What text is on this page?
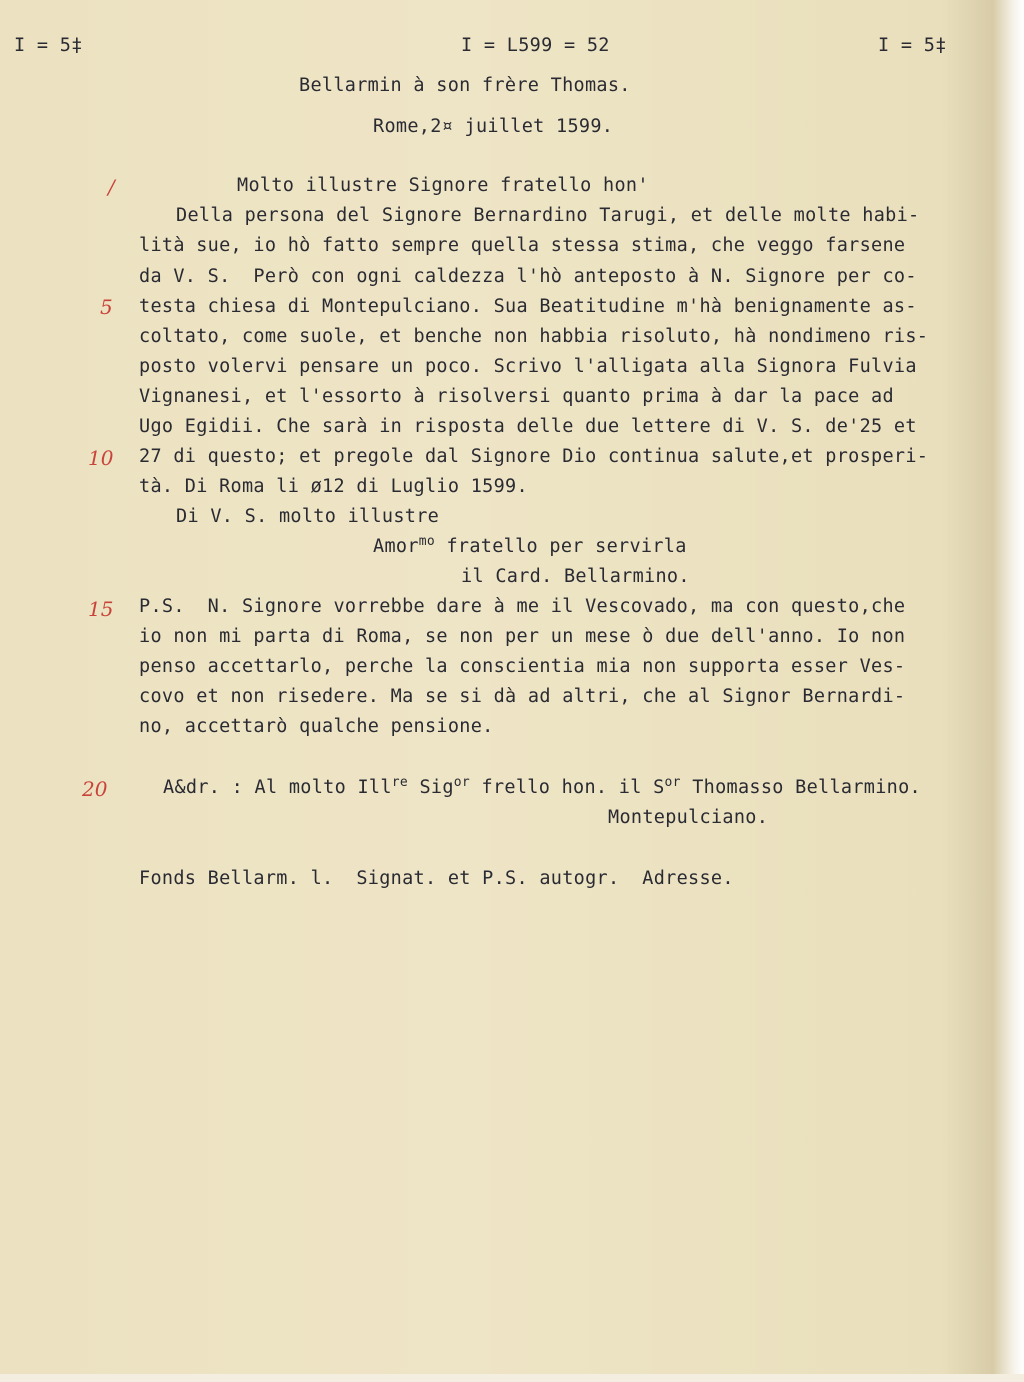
I = 5‡	I = L599 = 52	I = 5‡
Bellarmin à son frère Thomas.
Rome,2¤ juillet 1599.
/
5
10
15
20
Molto illustre Signore fratello hon'
Della persona del Signore Bernardino Tarugi, et delle molte habi-
lità sue, io hò fatto sempre quella stessa stima, che veggo farsene
da V. S.  Però con ogni caldezza l'hò anteposto à N. Signore per co-
testa chiesa di Montepulciano. Sua Beatitudine m'hà benignamente as-
coltato, come suole, et benche non habbia risoluto, hà nondimeno ris-
posto volervi pensare un poco. Scrivo l'alligata alla Signora Fulvia
Vignanesi, et l'essorto à risolversi quanto prima à dar la pace ad
Ugo Egidii. Che sarà in risposta delle due lettere di V. S. de'25 et
27 di questo; et pregole dal Signore Dio continua salute,et prosperi-
tà. Di Roma li ø12 di Luglio 1599.
Di V. S. molto illustre
Amor$^{mo}$ fratello per servirla
il Card. Bellarmino.
P.S.  N. Signore vorrebbe dare à me il Vescovado, ma con questo,che
io non mi parta di Roma, se non per un mese ò due dell'anno. Io non
penso accettarlo, perche la conscientia mia non supporta esser Ves-
covo et non risedere. Ma se si dà ad altri, che al Signor Bernardi-
no, accettarò qualche pensione.
A&dr. : Al molto Ill$^{re}$ Sig$^{or}$ frello hon. il $S^{or}$ Thomasso Bellarmino.
Montepulciano.
Fonds Bellarm. l.  Signat. et P.S. autogr.  Adresse.
